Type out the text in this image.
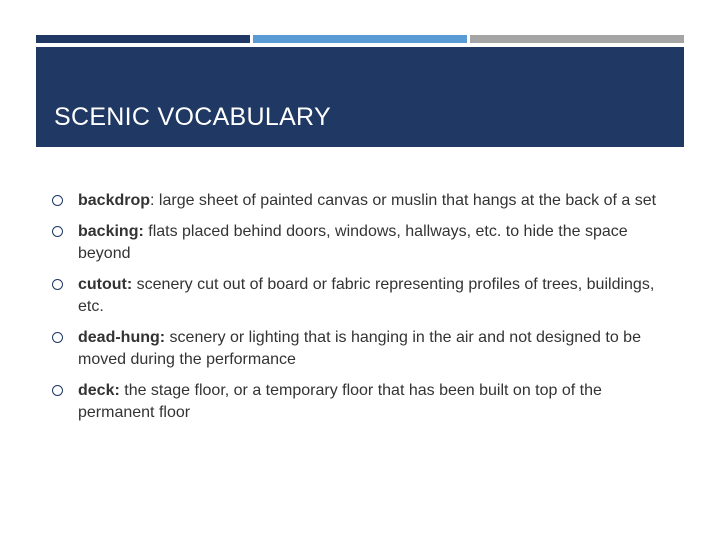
SCENIC VOCABULARY
backdrop: large sheet of painted canvas or muslin that hangs at the back of a set
backing: flats placed behind doors, windows, hallways, etc. to hide the space beyond
cutout: scenery cut out of board or fabric representing profiles of trees, buildings, etc.
dead-hung: scenery or lighting that is hanging in the air and not designed to be moved during the performance
deck: the stage floor, or a temporary floor that has been built on top of the permanent floor
